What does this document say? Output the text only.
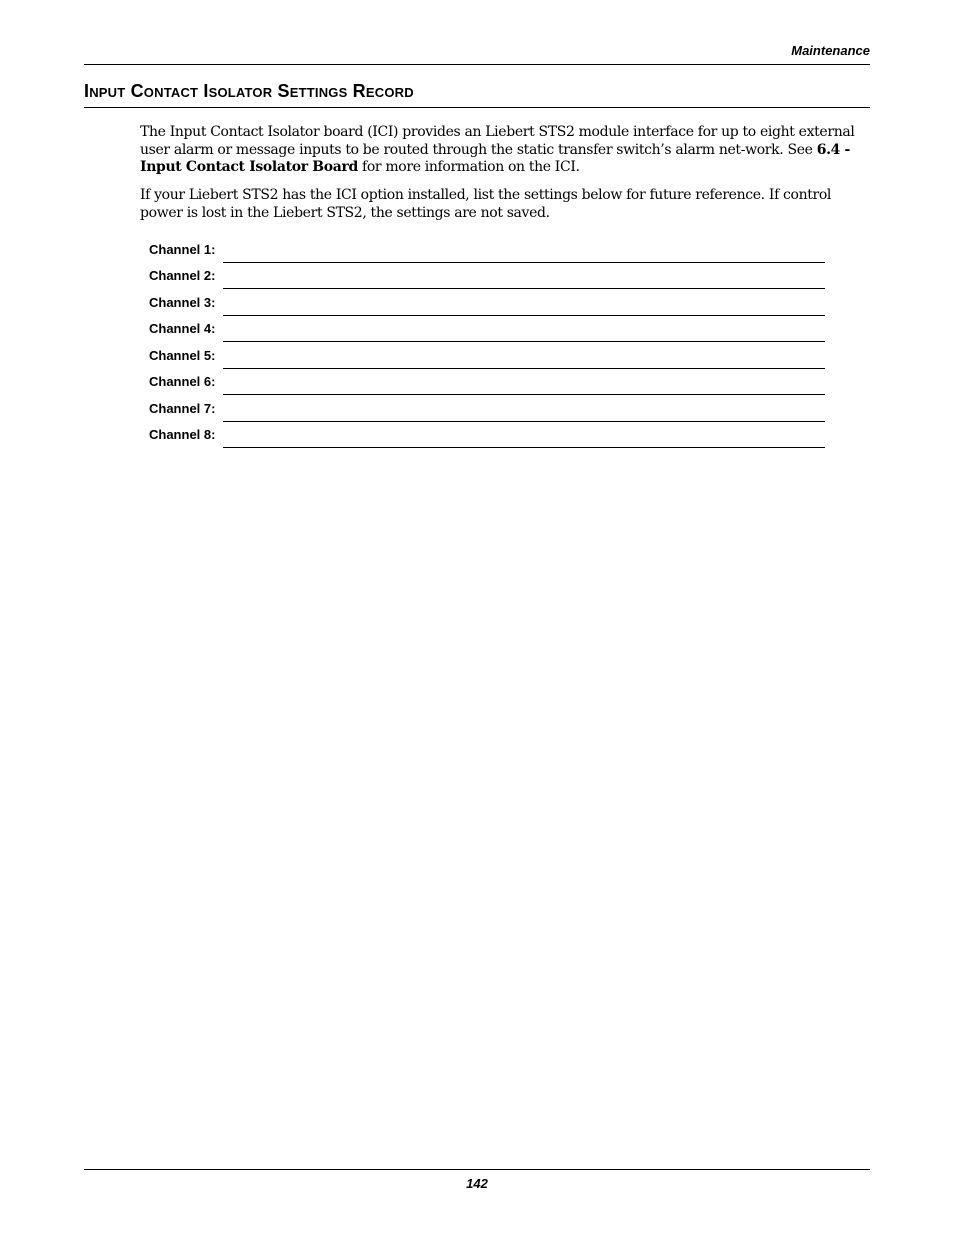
Maintenance
Input Contact Isolator Settings Record

The Input Contact Isolator board (ICI) provides an Liebert STS2 module interface for up to eight external user alarm or message inputs to be routed through the static transfer switch’s alarm net-work. See 6.4 - Input Contact Isolator Board for more information on the ICI.

If your Liebert STS2 has the ICI option installed, list the settings below for future reference. If control power is lost in the Liebert STS2, the settings are not saved.

Channel 1:
Channel 2:
Channel 3:
Channel 4:
Channel 5:
Channel 6:
Channel 7:
Channel 8:
142
